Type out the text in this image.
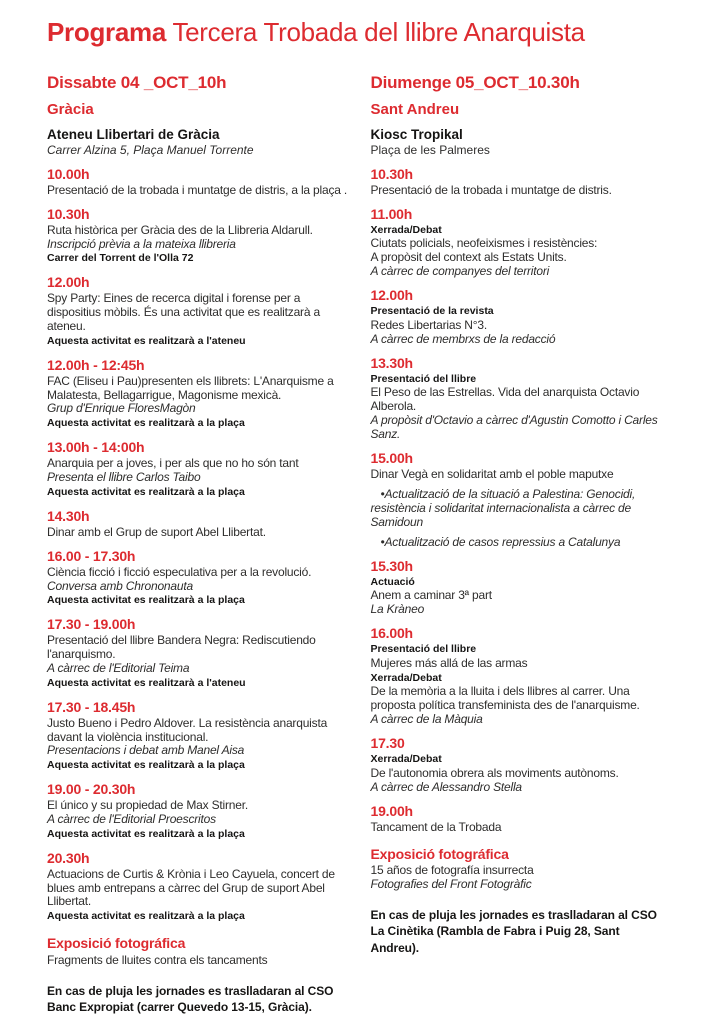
Programa Tercera Trobada del llibre Anarquista
Dissabte 04 _OCT_10h
Gràcia
Ateneu Llibertari de Gràcia
Carrer Alzina 5, Plaça Manuel Torrente
10.00h
Presentació de la trobada i muntatge de distris, a la plaça .
10.30h
Ruta històrica per Gràcia des de la Llibreria Aldarull.
Inscripció prèvia a la mateixa llibreria
Carrer del Torrent de l'Olla 72
12.00h
Spy Party: Eines de recerca digital i forense per a dispositius mòbils. És una activitat que es realitzarà a ateneu.
Aquesta activitat es realitzarà a l'ateneu
12.00h - 12:45h
FAC (Eliseu i Pau)presenten els llibrets: L'Anarquisme a Malatesta, Bellagarrigue, Magonisme mexicà.
Grup d'Enrique FloresMagòn
Aquesta activitat es realitzarà a la plaça
13.00h - 14:00h
Anarquia per a joves, i per als que no ho són tant
Presenta el llibre Carlos Taibo
Aquesta activitat es realitzarà a la plaça
14.30h
Dinar amb el Grup de suport Abel Llibertat.
16.00 - 17.30h
Ciència ficció i ficció especulativa per a la revolució.
Conversa amb Chrononauta
Aquesta activitat es realitzarà a la plaça
17.30 - 19.00h
Presentació del llibre Bandera Negra: Rediscutiendo l'anarquismo.
A càrrec de l'Editorial Teima
Aquesta activitat es realitzarà a l'ateneu
17.30 - 18.45h
Justo Bueno i Pedro Aldover. La resistència anarquista davant la violència institucional.
Presentacions i debat amb Manel Aisa
Aquesta activitat es realitzarà a la plaça
19.00 - 20.30h
El único y su propiedad de Max Stirner.
A càrrec de l'Editorial Proescritos
Aquesta activitat es realitzarà a la plaça
20.30h
Actuacions de Curtis & Krònia i Leo Cayuela, concert de blues amb entrepans a càrrec del Grup de suport Abel Llibertat.
Aquesta activitat es realitzarà a la plaça
Exposició fotográfica
Fragments de lluites contra els tancaments

En cas de pluja les jornades es traslladaran al CSO Banc Expropiat (carrer Quevedo 13-15, Gràcia).

Diumenge 05_OCT_10.30h
Sant Andreu
Kiosc Tropikal
Plaça de les Palmeres
10.30h
Presentació de la trobada i muntatge de distris.
11.00h
Xerrada/Debat
Ciutats policials, neofeixismes i resistències:
A propòsit del context als Estats Units.
A càrrec de companyes del territori
12.00h
Presentació de la revista
Redes Libertarias N°3.
A càrrec de membrxs de la redacció
13.30h
Presentació del llibre
El Peso de las Estrellas. Vida del anarquista Octavio Alberola.
A propòsit d'Octavio a càrrec d'Agustin Comotto i Carles Sanz.
15.00h
Dinar Vegà en solidaritat amb el poble maputxe
•Actualització de la situació a Palestina: Genocidi, resistència i solidaritat internacionalista a càrrec de Samidoun
•Actualització de casos repressius a Catalunya
15.30h
Actuació
Anem a caminar 3ª part
La Kràneo
16.00h
Presentació del llibre
Mujeres más allá de las armas
Xerrada/Debat
De la memòria a la lluita i dels llibres al carrer. Una proposta política transfeminista des de l'anarquisme.
A càrrec de la Màquia
17.30
Xerrada/Debat
De l'autonomia obrera als moviments autònoms.
A càrrec de Alessandro Stella
19.00h
Tancament de la Trobada
Exposició fotográfica
15 años de fotografía insurrecta
Fotografies del Front Fotogràfic

En cas de pluja les jornades es traslladaran al CSO La Cinètika (Rambla de Fabra i Puig 28, Sant Andreu).
